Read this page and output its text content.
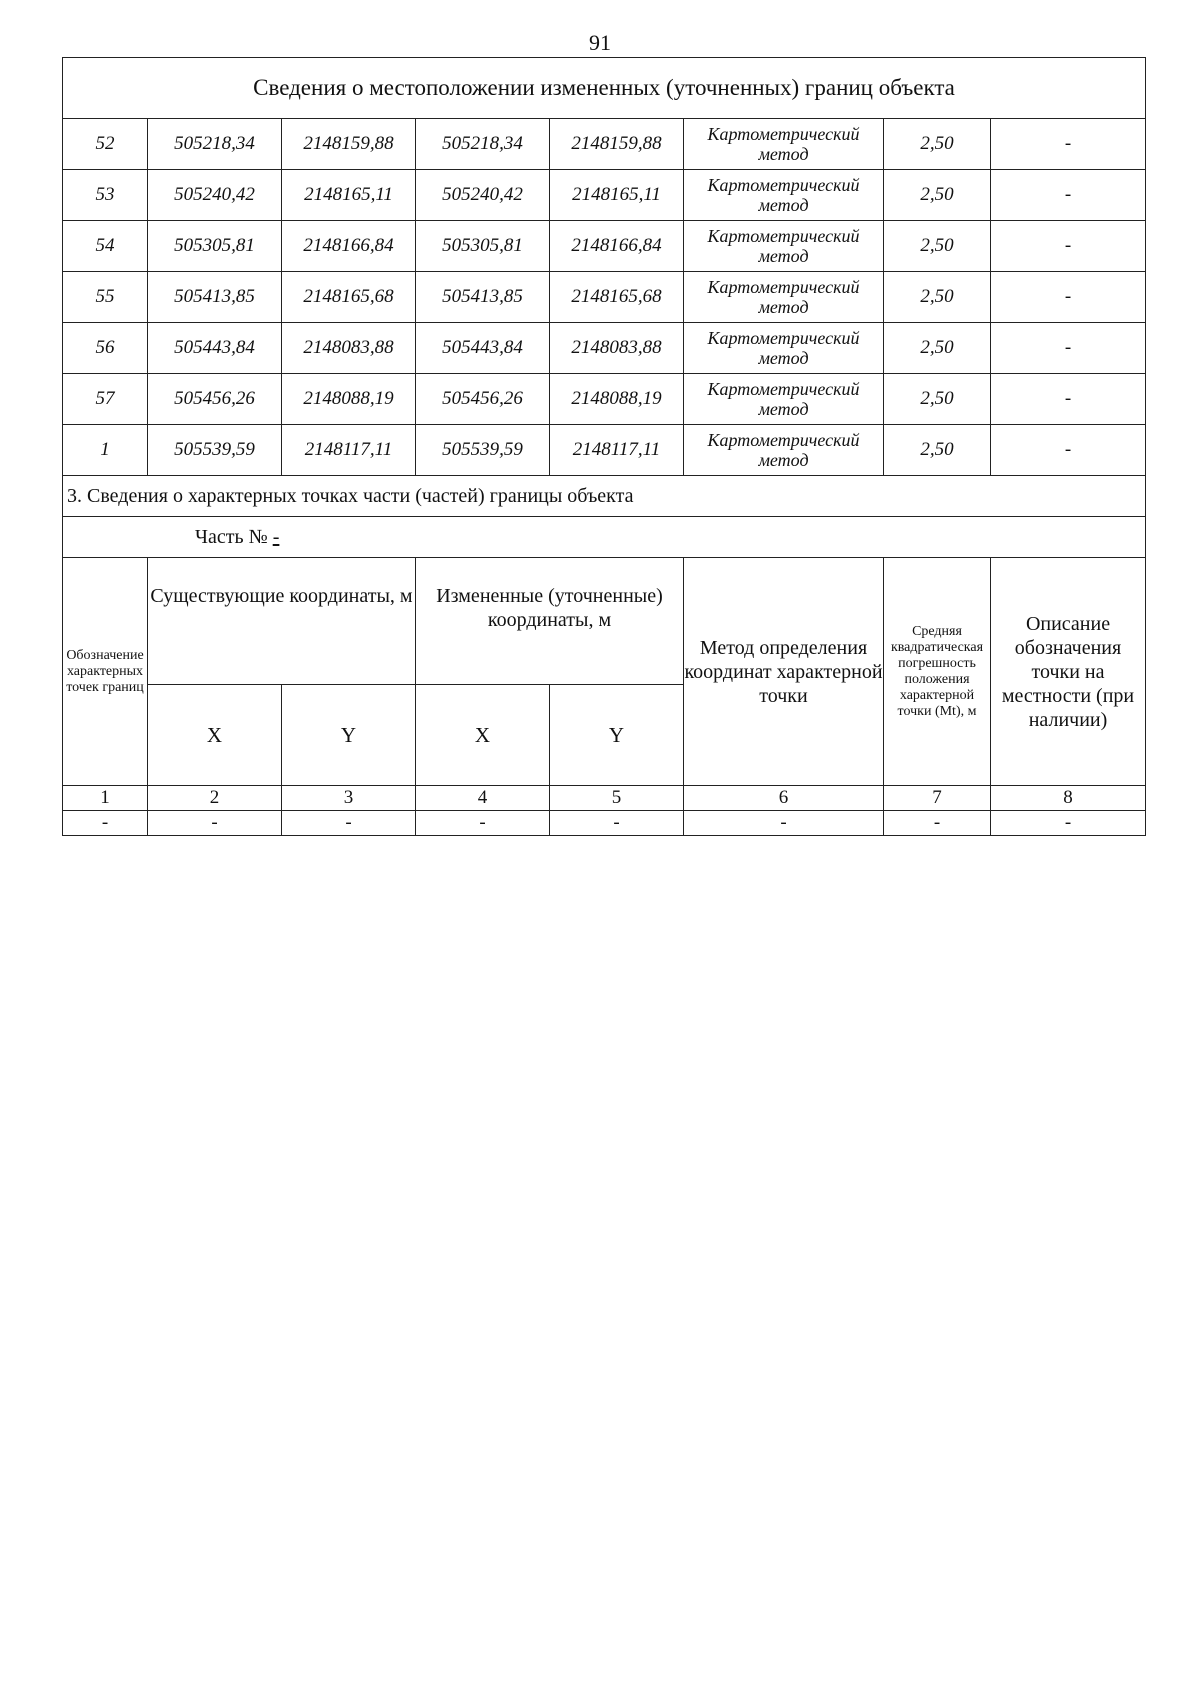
91
Сведения о местоположении измененных (уточненных) границ объекта							
52	505218,34	2148159,88	505218,34	2148159,88	Картометрический метод	2,50	-
53	505240,42	2148165,11	505240,42	2148165,11	Картометрический метод	2,50	-
54	505305,81	2148166,84	505305,81	2148166,84	Картометрический метод	2,50	-
55	505413,85	2148165,68	505413,85	2148165,68	Картометрический метод	2,50	-
56	505443,84	2148083,88	505443,84	2148083,88	Картометрический метод	2,50	-
57	505456,26	2148088,19	505456,26	2148088,19	Картометрический метод	2,50	-
1	505539,59	2148117,11	505539,59	2148117,11	Картометрический метод	2,50	-
3. Сведения о характерных точках части (частей) границы объекта							
Часть № -							
Обозначение характерных точек границ	Существующие координаты, м		Измененные (уточненные) координаты, м		Метод определения координат характерной точки	Средняя квадратическая погрешность положения характерной точки (Mt), м	Описание обозначения точки на местности (при наличии)
	X	Y	X	Y			
1	2	3	4	5	6	7	8
-	-	-	-	-	-	-	-
